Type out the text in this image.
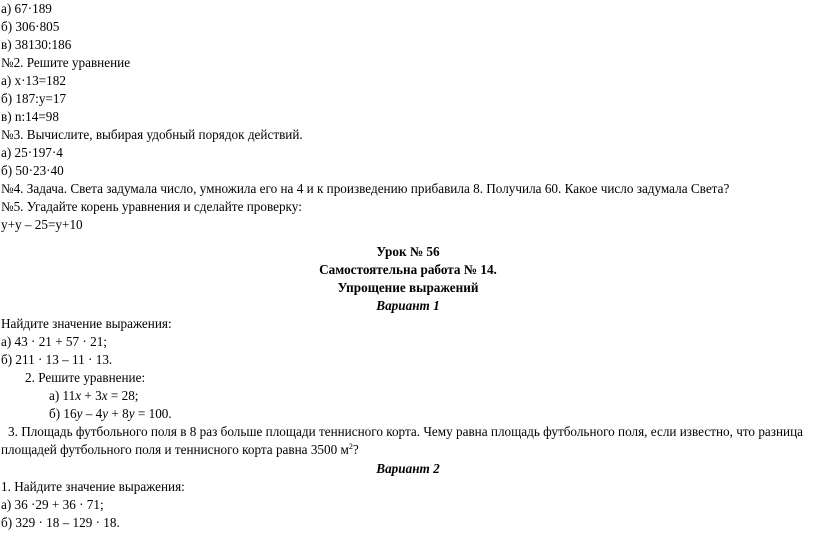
а) 67·189
б) 306·805
в) 38130:186
№2. Решите уравнение
а) x·13=182
б) 187:у=17
в) n:14=98
№3. Вычислите, выбирая удобный порядок действий.
а) 25·197·4
б) 50·23·40
№4. Задача. Света задумала число, умножила его на 4 и к произведению прибавила 8. Получила 60. Какое число задумала Света?
№5. Угадайте корень уравнения и сделайте проверку:
у+у – 25=у+10
Урок № 56
Самостоятельна работа № 14.
Упрощение выражений
Вариант 1
Найдите значение выражения:
а) 43 · 21 + 57 · 21;
б) 211 · 13 – 11 · 13.
2. Решите уравнение:
а) 11x + 3x = 28;
б) 16y – 4y + 8y = 100.
3. Площадь футбольного поля в 8 раз больше площади теннисного корта. Чему равна площадь футбольного поля, если известно, что разница
площадей футбольного поля и теннисного корта равна 3500 $м^2$?
Вариант 2
1. Найдите значение выражения:
а) 36 ·29 + 36 · 71;
б) 329 · 18 – 129 · 18.
